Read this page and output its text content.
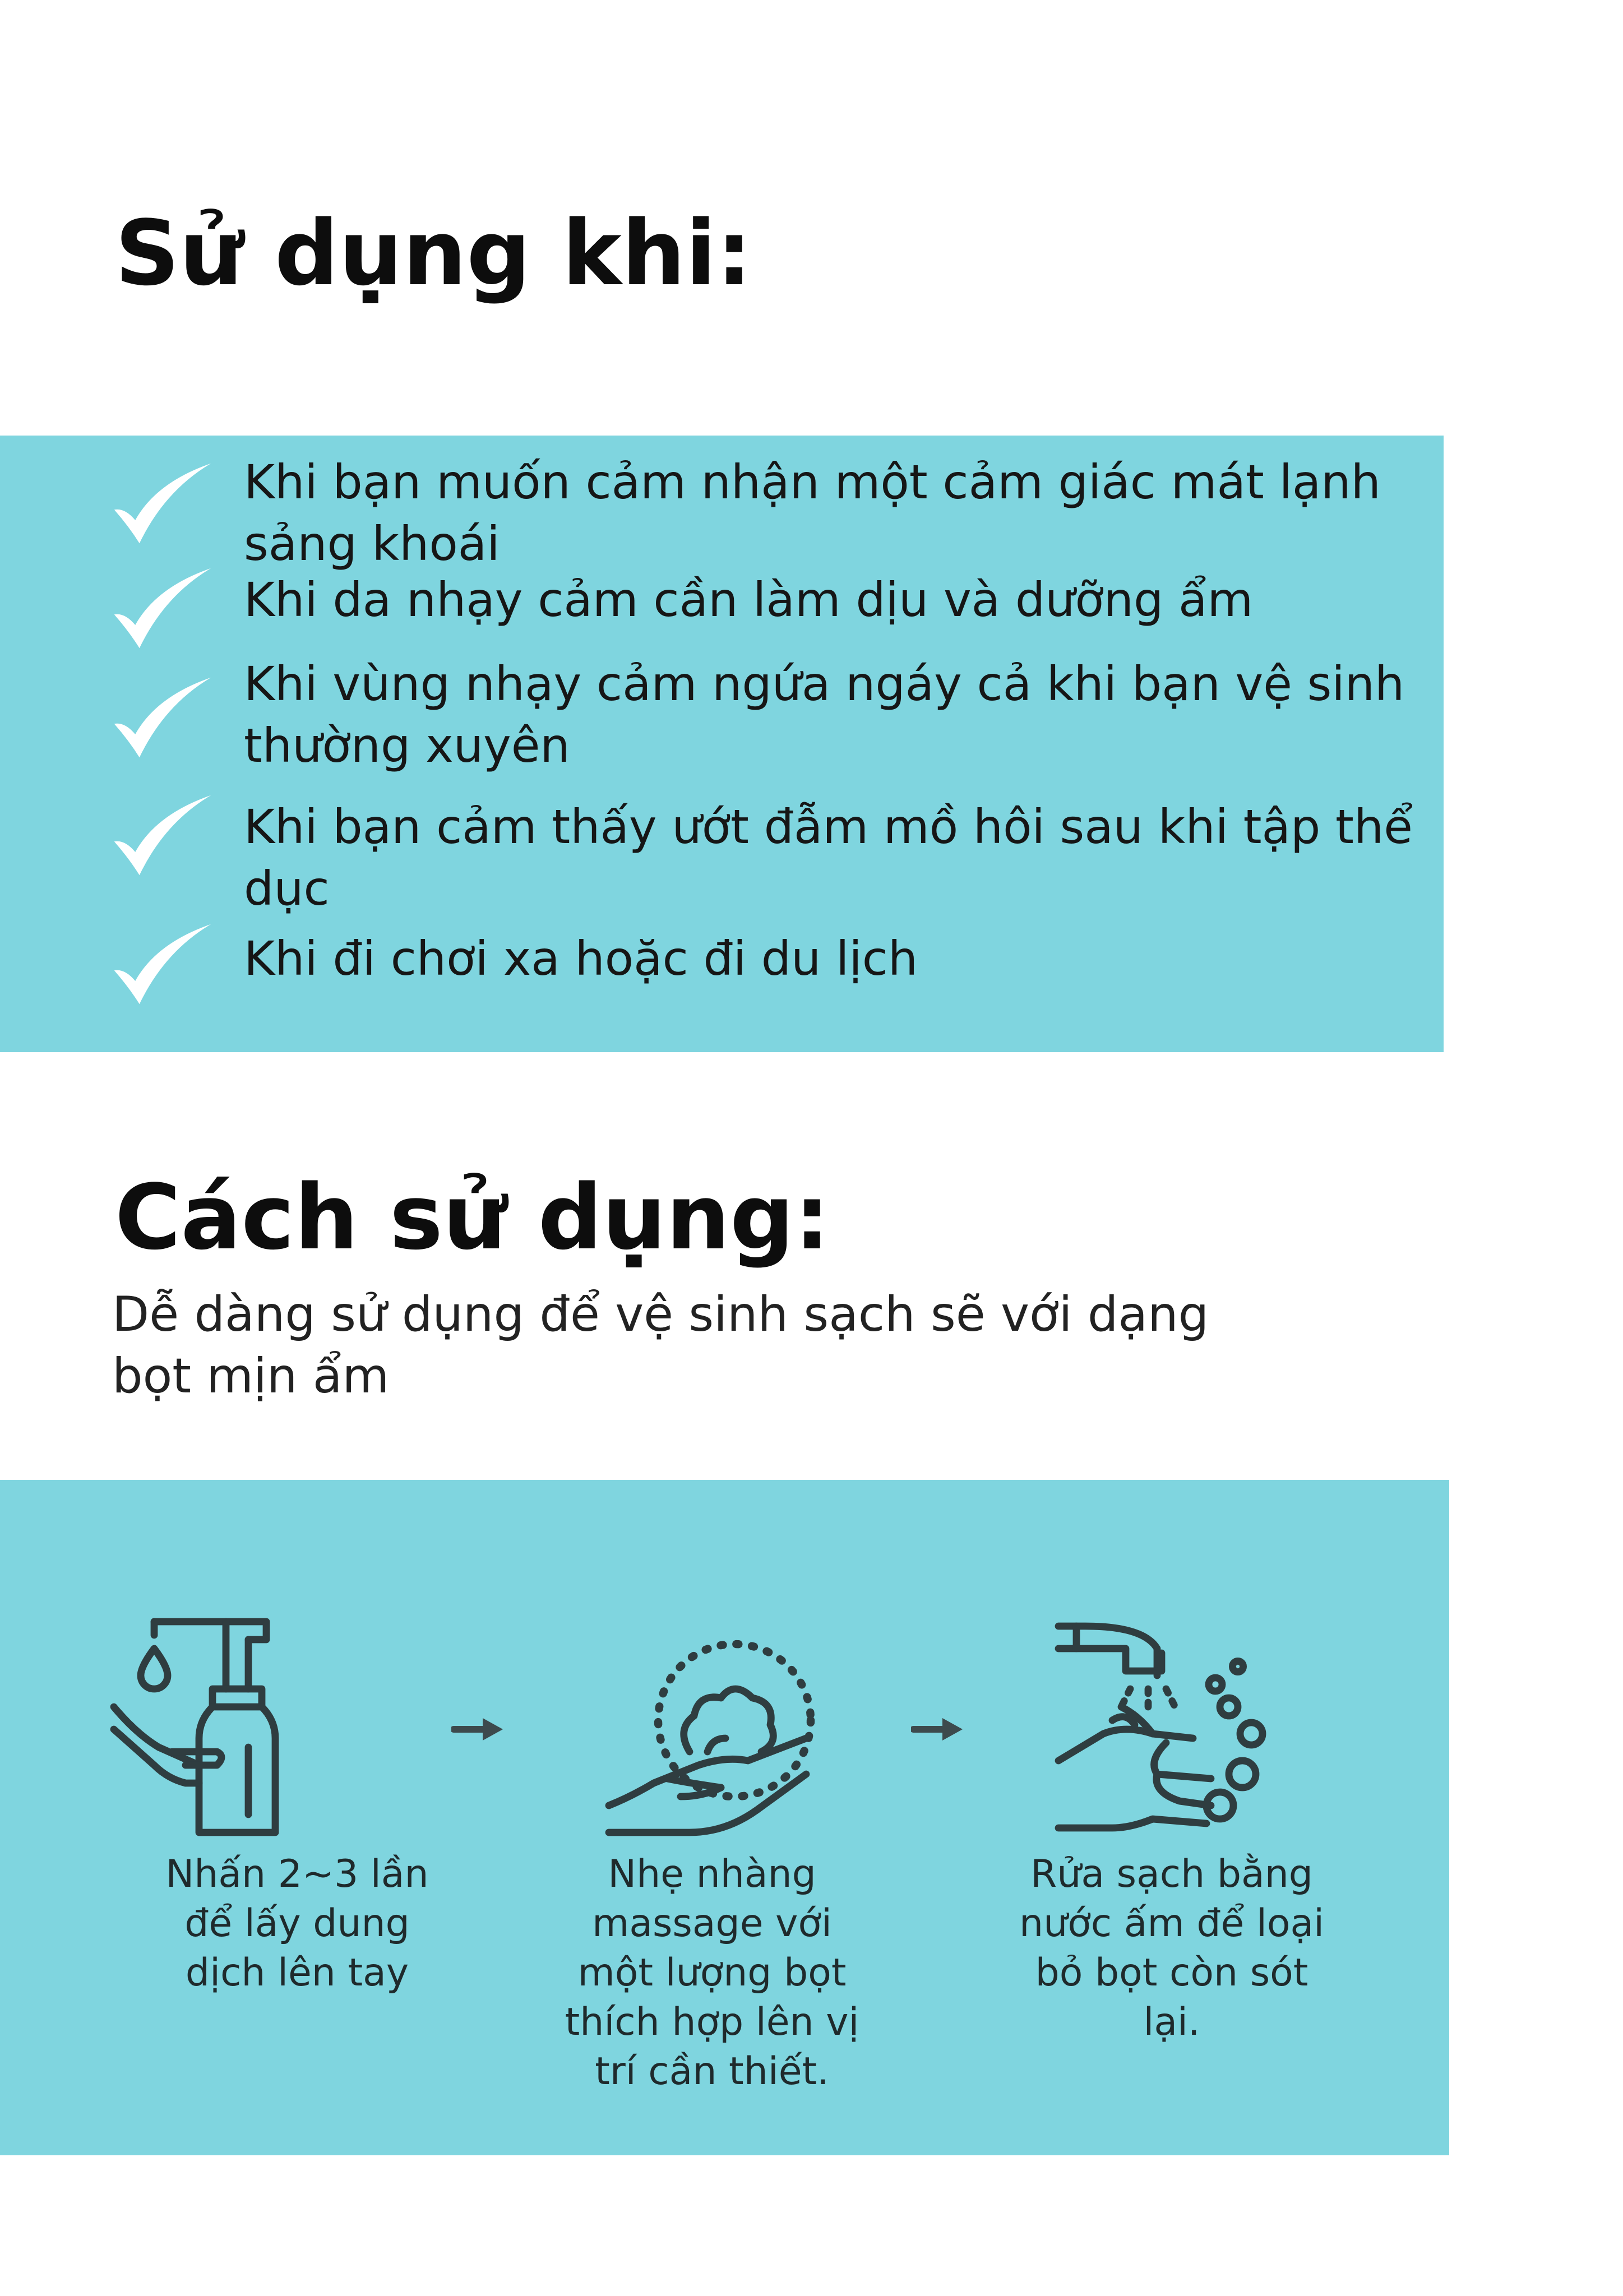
Sử dụng khi:
Khi bạn muốn cảm nhận một cảm giác mát lạnh sảng khoái
Khi da nhạy cảm cần làm dịu và dưỡng ẩm
Khi vùng nhạy cảm ngứa ngáy cả khi bạn vệ sinh thường xuyên
Khi bạn cảm thấy ướt đẫm mồ hôi sau khi tập thể dục
Khi đi chơi xa hoặc đi du lịch
Cách sử dụng:

Dễ dàng sử dụng để vệ sinh sạch sẽ với dạng bọt mịn ẩm

Nhấn 2~3 lần để lấy dung dịch lên tay

Nhẹ nhàng massage với một lượng bọt thích hợp lên vị trí cần thiết.

Rửa sạch bằng nước ấm để loại bỏ bọt còn sót lại.
